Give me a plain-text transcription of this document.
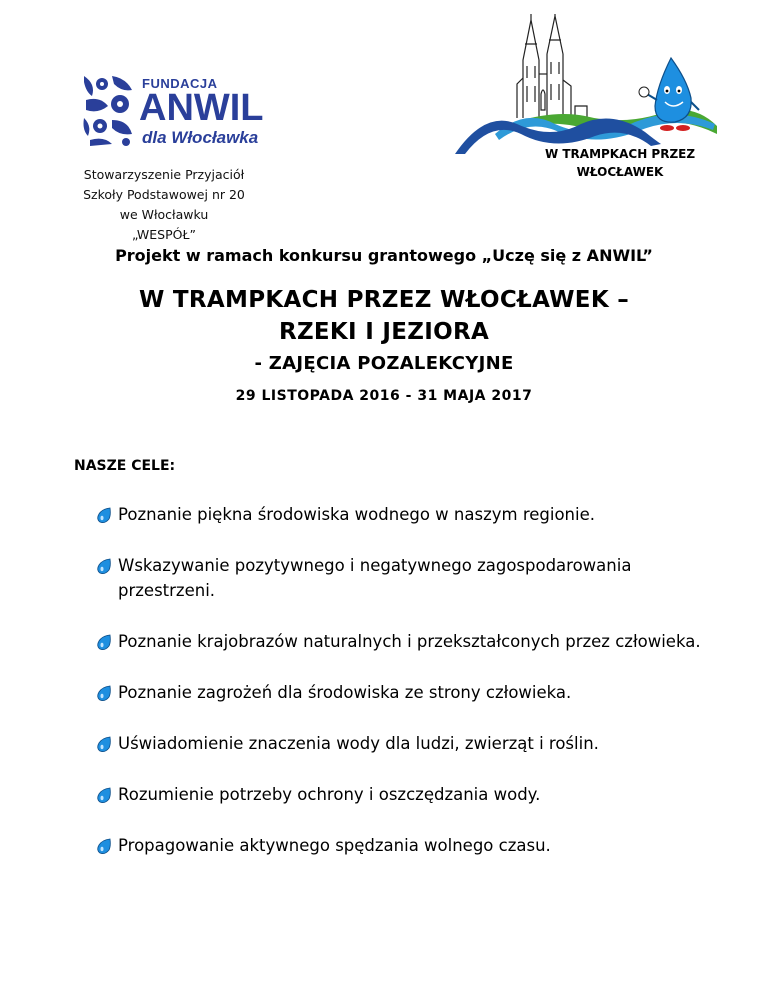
FUNDACJA
ANWIL
dla Włocławka
Stowarzyszenie Przyjaciół
Szkoły Podstawowej nr 20
we Włocławku
„WESPÓŁ”
W TRAMPKACH PRZEZ
WŁOCŁAWEK
Projekt w ramach konkursu grantowego „Uczę się z ANWIL”
W TRAMPKACH PRZEZ WŁOCŁAWEK –
RZEKI I JEZIORA
- ZAJĘCIA POZALEKCYJNE
29 LISTOPADA 2016 - 31 MAJA 2017
NASZE CELE:
Poznanie piękna środowiska wodnego w naszym regionie.
Wskazywanie pozytywnego i negatywnego zagospodarowania przestrzeni.
Poznanie krajobrazów naturalnych i przekształconych przez człowieka.
Poznanie zagrożeń dla środowiska ze strony człowieka.
Uświadomienie znaczenia wody dla ludzi, zwierząt i roślin.
Rozumienie potrzeby ochrony i oszczędzania wody.
Propagowanie aktywnego spędzania wolnego czasu.
